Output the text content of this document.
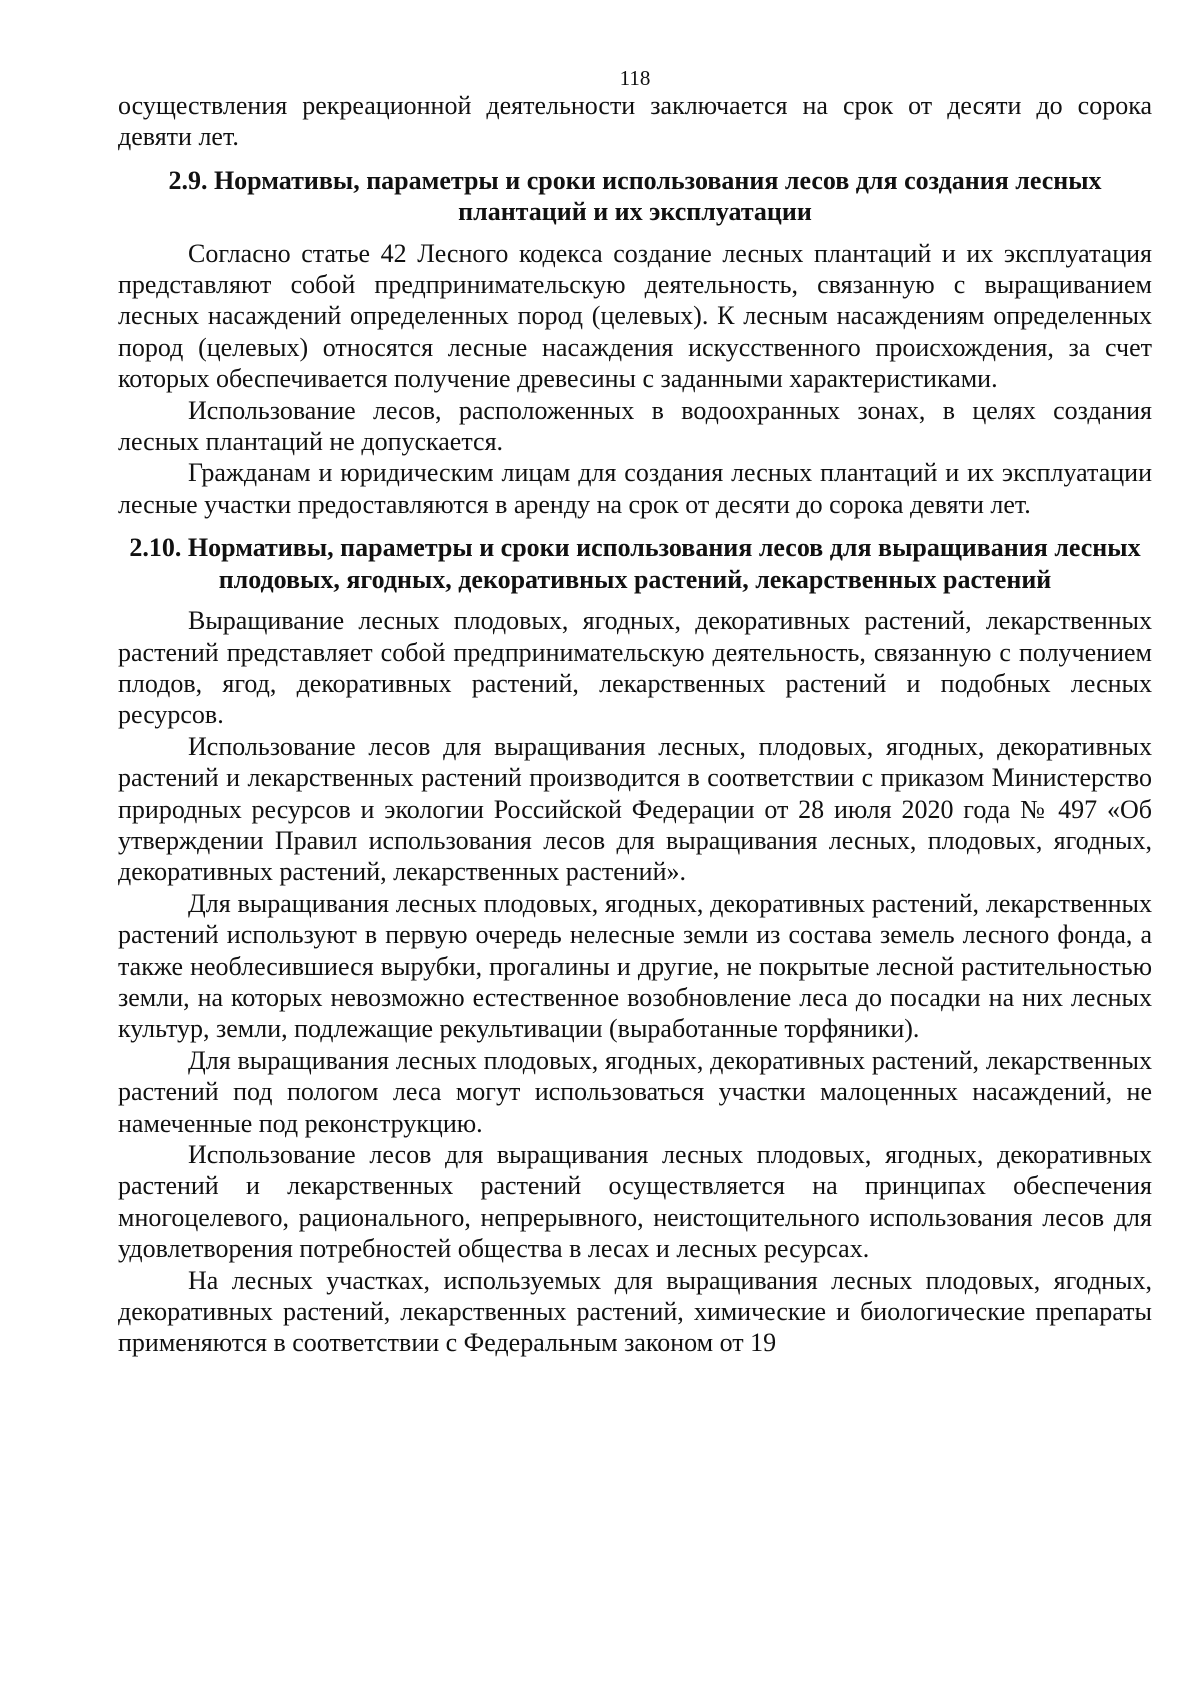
118

осуществления рекреационной деятельности заключается на срок от десяти до сорока девяти лет.

2.9. Нормативы, параметры и сроки использования лесов для создания лесных плантаций и их эксплуатации

Согласно статье 42 Лесного кодекса создание лесных плантаций и их эксплуатация представляют собой предпринимательскую деятельность, связанную с выращиванием лесных насаждений определенных пород (целевых). К лесным насаждениям определенных пород (целевых) относятся лесные насаждения искусственного происхождения, за счет которых обеспечивается получение древесины с заданными характеристиками.

Использование лесов, расположенных в водоохранных зонах, в целях создания лесных плантаций не допускается.

Гражданам и юридическим лицам для создания лесных плантаций и их эксплуатации лесные участки предоставляются в аренду на срок от десяти до сорока девяти лет.

2.10. Нормативы, параметры и сроки использования лесов для выращивания лесных плодовых, ягодных, декоративных растений, лекарственных растений

Выращивание лесных плодовых, ягодных, декоративных растений, лекарственных растений представляет собой предпринимательскую деятельность, связанную с получением плодов, ягод, декоративных растений, лекарственных растений и подобных лесных ресурсов.

Использование лесов для выращивания лесных, плодовых, ягодных, декоративных растений и лекарственных растений производится в соответствии с приказом Министерство природных ресурсов и экологии Российской Федерации от 28 июля 2020 года № 497 «Об утверждении Правил использования лесов для выращивания лесных, плодовых, ягодных, декоративных растений, лекарственных растений».

Для выращивания лесных плодовых, ягодных, декоративных растений, лекарственных растений используют в первую очередь нелесные земли из состава земель лесного фонда, а также необлесившиеся вырубки, прогалины и другие, не покрытые лесной растительностью земли, на которых невозможно естественное возобновление леса до посадки на них лесных культур, земли, подлежащие рекультивации (выработанные торфяники).

Для выращивания лесных плодовых, ягодных, декоративных растений, лекарственных растений под пологом леса могут использоваться участки малоценных насаждений, не намеченные под реконструкцию.

Использование лесов для выращивания лесных плодовых, ягодных, декоративных растений и лекарственных растений осуществляется на принципах обеспечения многоцелевого, рационального, непрерывного, неистощительного использования лесов для удовлетворения потребностей общества в лесах и лесных ресурсах.

На лесных участках, используемых для выращивания лесных плодовых, ягодных, декоративных растений, лекарственных растений, химические и биологические препараты применяются в соответствии с Федеральным законом от 19
